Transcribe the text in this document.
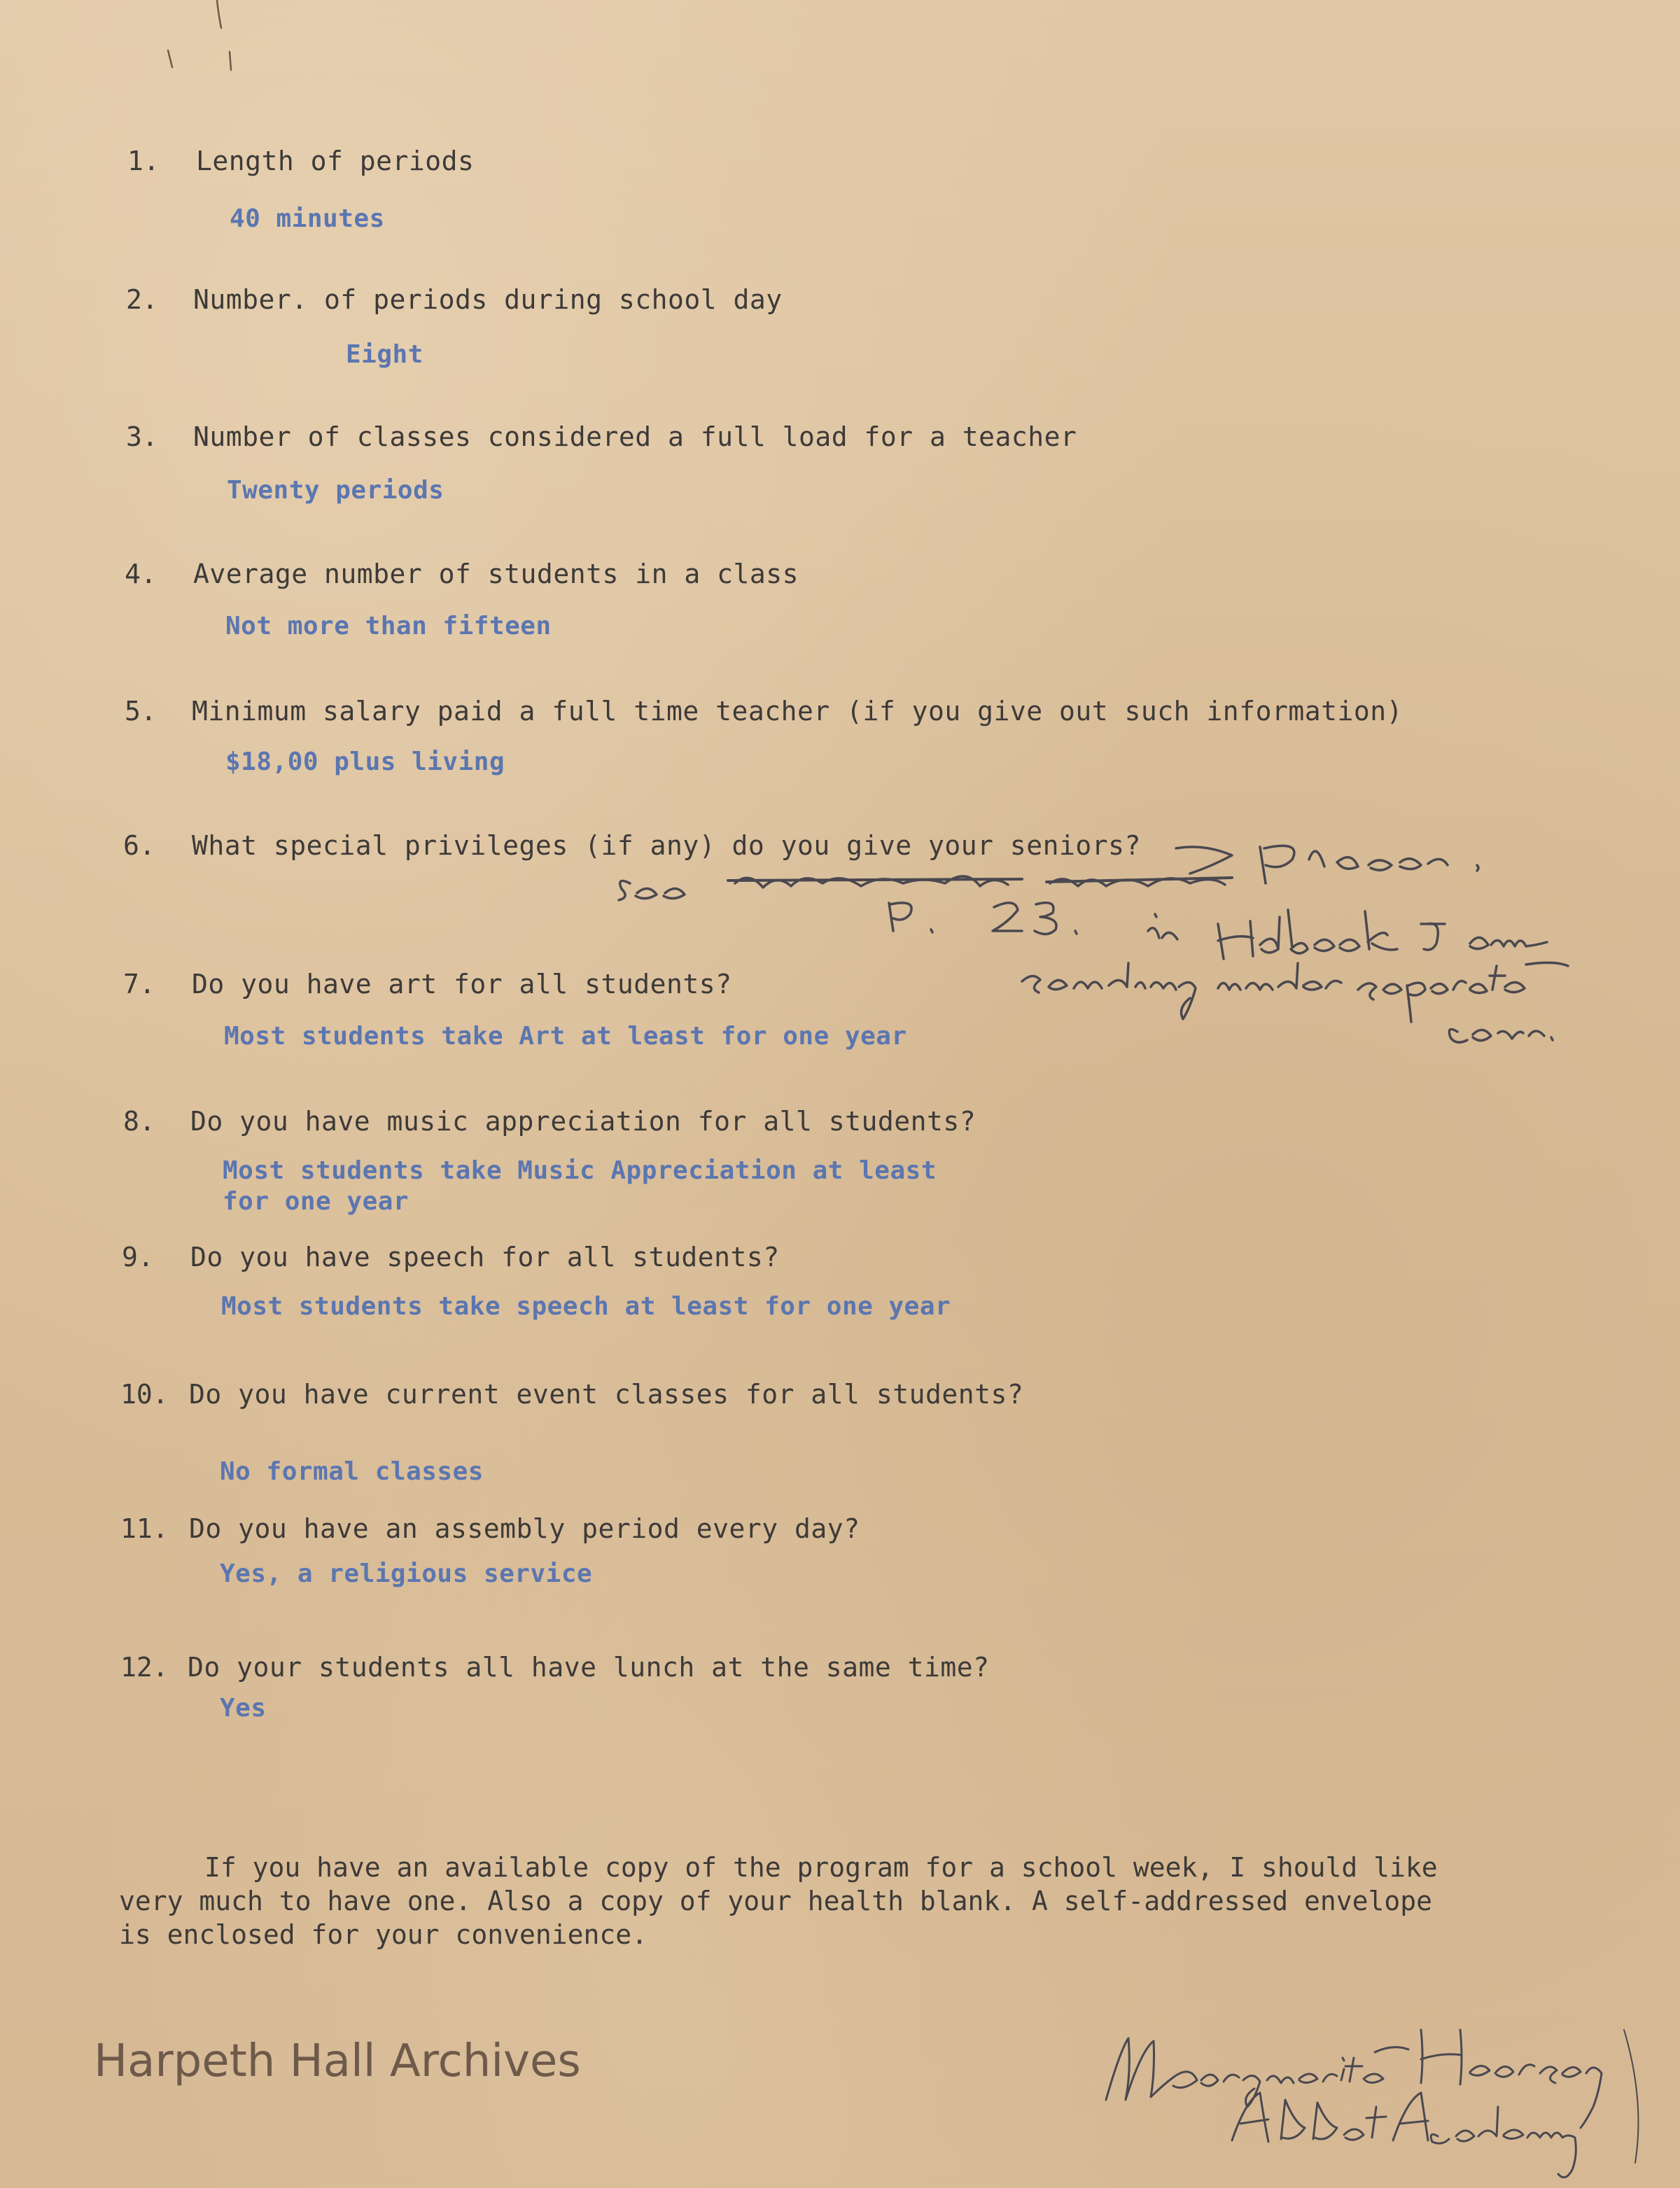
1. Length of periods
40 minutes
2. Number. of periods during school day
Eight
3. Number of classes considered a full load for a teacher
Twenty periods
4. Average number of students in a class
Not more than fifteen
5. Minimum salary paid a full time teacher (if you give out such information)
$18,00 plus living
6. What special privileges (if any) do you give your seniors?
7. Do you have art for all students?
Most students take Art at least for one year
8. Do you have music appreciation for all students?
Most students take Music Appreciation at least
for one year
9. Do you have speech for all students?
Most students take speech at least for one year
10. Do you have current event classes for all students?
No formal classes
11. Do you have an assembly period every day?
Yes, a religious service
12. Do your students all have lunch at the same time?
Yes
If you have an available copy of the program for a school week, I should like
very much to have one. Also a copy of your health blank. A self-addressed envelope
is enclosed for your convenience.
Harpeth Hall Archives
